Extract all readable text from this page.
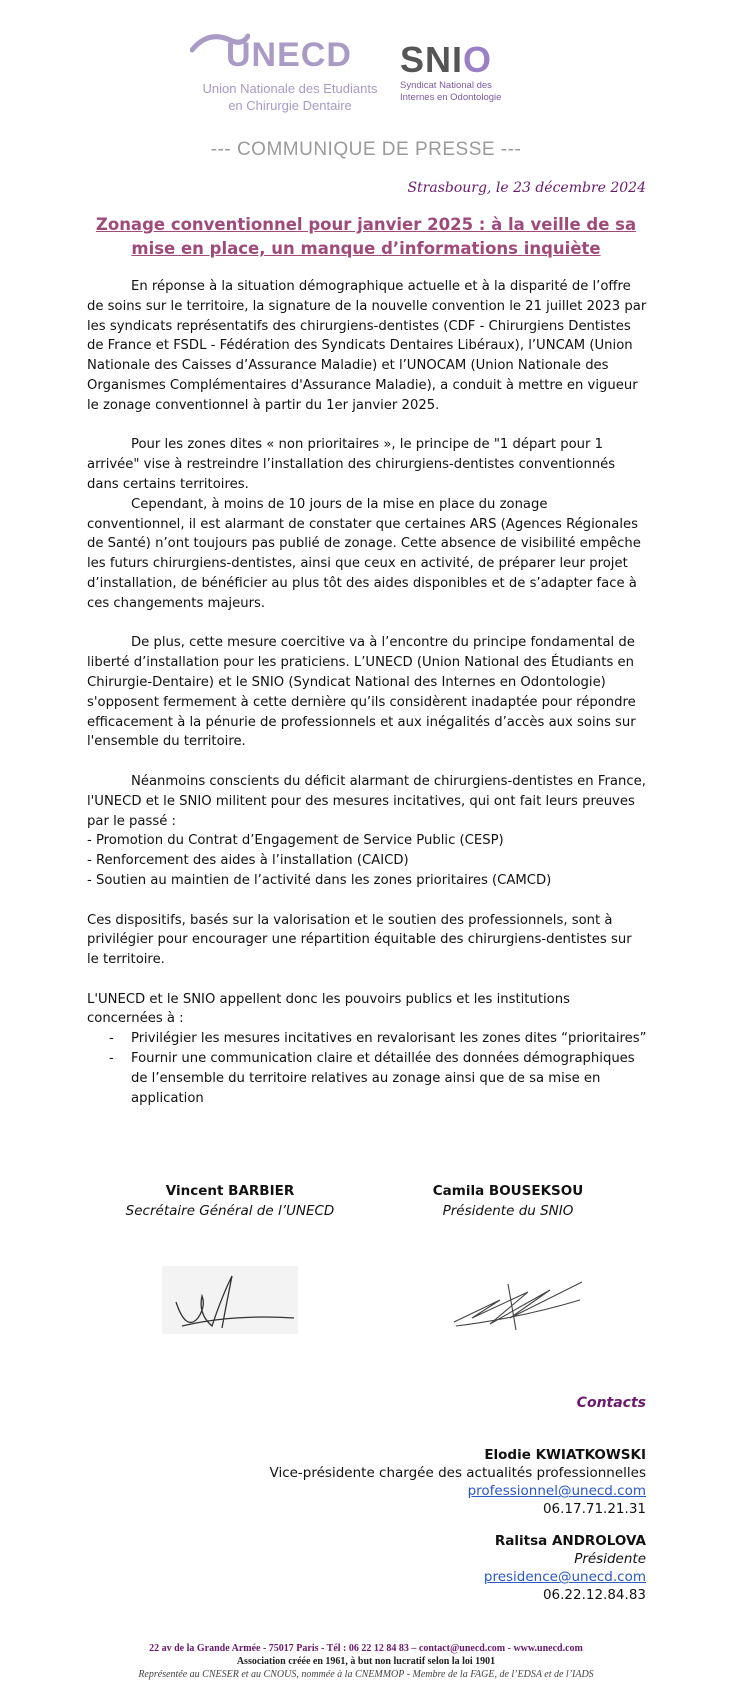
UNECD
Union Nationale des Etudiants
en Chirurgie Dentaire
SNIO
Syndicat National des
Internes en Odontologie
--- COMMUNIQUE DE PRESSE ---
Strasbourg, le 23 décembre 2024
Zonage conventionnel pour janvier 2025 : à la veille de sa mise en place, un manque d’informations inquiète

En réponse à la situation démographique actuelle et à la disparité de l’offre de soins sur le territoire, la signature de la nouvelle convention le 21 juillet 2023 par les syndicats représentatifs des chirurgiens-dentistes (CDF - Chirurgiens Dentistes de France et FSDL - Fédération des Syndicats Dentaires Libéraux), l’UNCAM (Union Nationale des Caisses d’Assurance Maladie) et l’UNOCAM (Union Nationale des Organismes Complémentaires d'Assurance Maladie), a conduit à mettre en vigueur le zonage conventionnel à partir du 1er janvier 2025.

Pour les zones dites « non prioritaires », le principe de "1 départ pour 1 arrivée" vise à restreindre l’installation des chirurgiens-dentistes conventionnés dans certains territoires.

Cependant, à moins de 10 jours de la mise en place du zonage conventionnel, il est alarmant de constater que certaines ARS (Agences Régionales de Santé) n’ont toujours pas publié de zonage. Cette absence de visibilité empêche les futurs chirurgiens-dentistes, ainsi que ceux en activité, de préparer leur projet d’installation, de bénéficier au plus tôt des aides disponibles et de s’adapter face à ces changements majeurs.

De plus, cette mesure coercitive va à l’encontre du principe fondamental de liberté d’installation pour les praticiens. L’UNECD (Union National des Étudiants en Chirurgie-Dentaire) et le SNIO (Syndicat National des Internes en Odontologie) s'opposent fermement à cette dernière qu’ils considèrent inadaptée pour répondre efficacement à la pénurie de professionnels et aux inégalités d’accès aux soins sur l'ensemble du territoire.

Néanmoins conscients du déficit alarmant de chirurgiens-dentistes en France, l'UNECD et le SNIO militent pour des mesures incitatives, qui ont fait leurs preuves par le passé :

- Promotion du Contrat d’Engagement de Service Public (CESP)

- Renforcement des aides à l’installation (CAICD)

- Soutien au maintien de l’activité dans les zones prioritaires (CAMCD)

Ces dispositifs, basés sur la valorisation et le soutien des professionnels, sont à privilégier pour encourager une répartition équitable des chirurgiens-dentistes sur le territoire.

L'UNECD et le SNIO appellent donc les pouvoirs publics et les institutions concernées à :

- Privilégier les mesures incitatives en revalorisant les zones dites “prioritaires”
- Fournir une communication claire et détaillée des données démographiques de l’ensemble du territoire relatives au zonage ainsi que de sa mise en application
Vincent BARBIER
Secrétaire Général de l’UNECD
Camila BOUSEKSOU
Présidente du SNIO
Contacts
Elodie KWIATKOWSKI
Vice-présidente chargée des actualités professionnelles
professionnel@unecd.com
06.17.71.21.31
Ralitsa ANDROLOVA
Présidente
presidence@unecd.com
06.22.12.84.83
22 av de la Grande Armée - 75017 Paris - Tél : 06 22 12 84 83 – contact@unecd.com - www.unecd.com
Association créée en 1961, à but non lucratif selon la loi 1901
Représentée au CNESER et au CNOUS, nommée à la CNEMMOP - Membre de la FAGE, de l’EDSA et de l’IADS
